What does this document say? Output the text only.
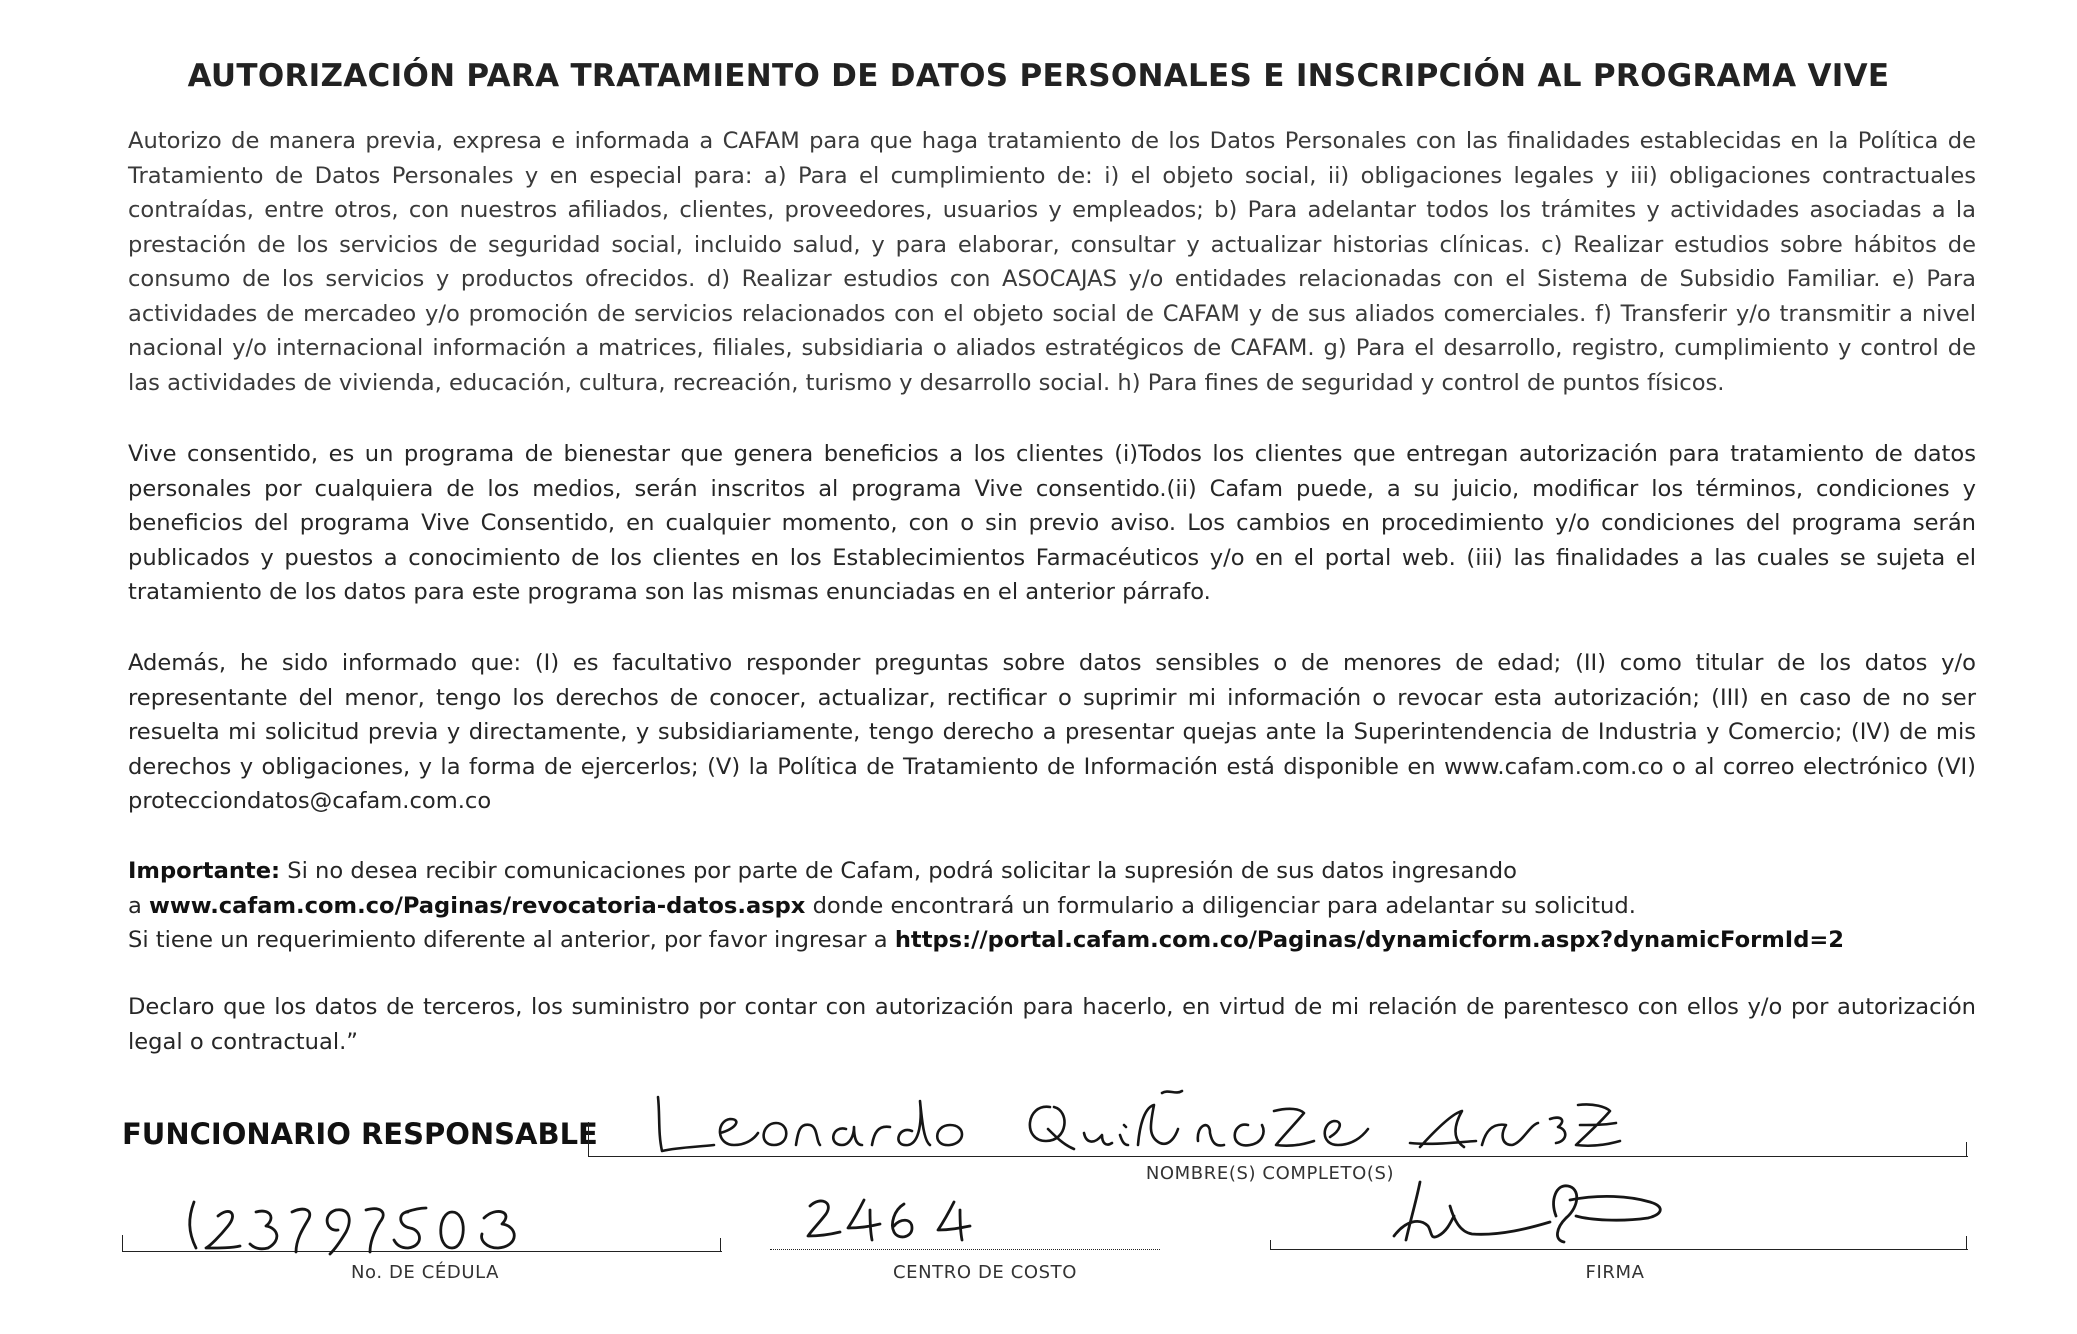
AUTORIZACIÓN PARA TRATAMIENTO DE DATOS PERSONALES E INSCRIPCIÓN AL PROGRAMA VIVE

Autorizo de manera previa, expresa e informada a CAFAM para que haga tratamiento de los Datos Personales con las finalidades establecidas en la Política de Tratamiento de Datos Personales y en especial para: a) Para el cumplimiento de: i) el objeto social, ii) obligaciones legales y iii) obligaciones contractuales contraídas, entre otros, con nuestros afiliados, clientes, proveedores, usuarios y empleados; b) Para adelantar todos los trámites y actividades asociadas a la prestación de los servicios de seguridad social, incluido salud, y para elaborar, consultar y actualizar historias clínicas. c) Realizar estudios sobre hábitos de consumo de los servicios y productos ofrecidos. d) Realizar estudios con ASOCAJAS y/o entidades relacionadas con el Sistema de Subsidio Familiar. e) Para actividades de mercadeo y/o promoción de servicios relacionados con el objeto social de CAFAM y de sus aliados comerciales. f) Transferir y/o transmitir a nivel nacional y/o internacional información a matrices, filiales, subsidiaria o aliados estratégicos de CAFAM. g) Para el desarrollo, registro, cumplimiento y control de las actividades de vivienda, educación, cultura, recreación, turismo y desarrollo social. h) Para fines de seguridad y control de puntos físicos.

Vive consentido, es un programa de bienestar que genera beneficios a los clientes (i)Todos los clientes que entregan autorización para tratamiento de datos personales por cualquiera de los medios, serán inscritos al programa Vive consentido.(ii) Cafam puede, a su juicio, modificar los términos, condiciones y beneficios del programa Vive Consentido, en cualquier momento, con o sin previo aviso. Los cambios en procedimiento y/o condiciones del programa serán publicados y puestos a conocimiento de los clientes en los Establecimientos Farmacéuticos y/o en el portal web. (iii) las finalidades a las cuales se sujeta el tratamiento de los datos para este programa son las mismas enunciadas en el anterior párrafo.

Además, he sido informado que: (I) es facultativo responder preguntas sobre datos sensibles o de menores de edad; (II) como titular de los datos y/o representante del menor, tengo los derechos de conocer, actualizar, rectificar o suprimir mi información o revocar esta autorización; (III) en caso de no ser resuelta mi solicitud previa y directamente, y subsidiariamente, tengo derecho a presentar quejas ante la Superintendencia de Industria y Comercio; (IV) de mis derechos y obligaciones, y la forma de ejercerlos; (V) la Política de Tratamiento de Información está disponible en www.cafam.com.co o al correo electrónico (VI) protecciondatos@cafam.com.co

Importante: Si no desea recibir comunicaciones por parte de Cafam, podrá solicitar la supresión de sus datos ingresando
a www.cafam.com.co/Paginas/revocatoria-datos.aspx donde encontrará un formulario a diligenciar para adelantar su solicitud.
Si tiene un requerimiento diferente al anterior, por favor ingresar a https://portal.cafam.com.co/Paginas/dynamicform.aspx?dynamicFormId=2

Declaro que los datos de terceros, los suministro por contar con autorización para hacerlo, en virtud de mi relación de parentesco con ellos y/o por autorización legal o contractual.”

FUNCIONARIO RESPONSABLE
NOMBRE(S) COMPLETO(S)
No. DE CÉDULA	CENTRO DE COSTO	FIRMA
